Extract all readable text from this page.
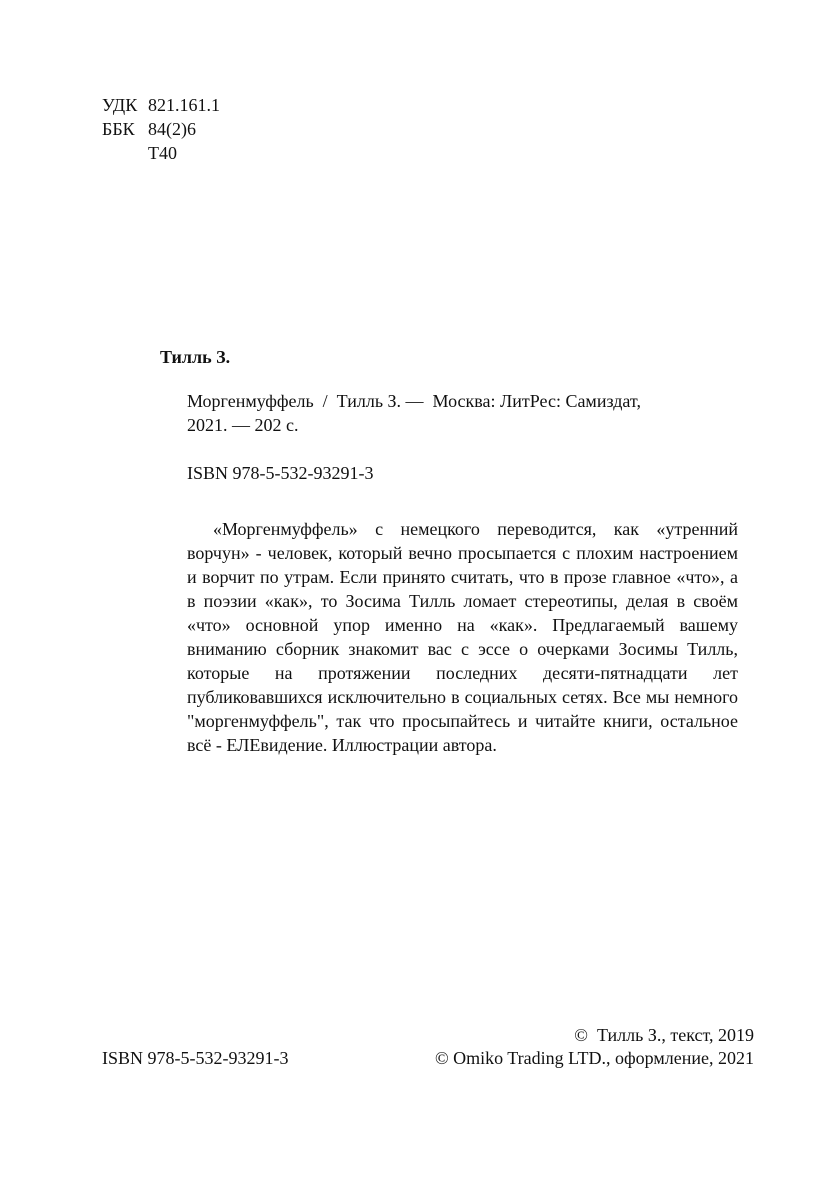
УДК 821.161.1
ББК 84(2)6
Т40
Тилль З.
Моргенмуффель  /  Тилль З. —  Москва: ЛитРес: Самиздат,
2021. — 202 с.
ISBN 978-5-532-93291-3

«Моргенмуффель» с немецкого переводится, как «утренний ворчун» - человек, который вечно просыпается с плохим настроением и ворчит по утрам. Если принято считать, что в прозе главное «что», а в поэзии «как», то Зосима Тилль ломает стереотипы, делая в своём «что» основной упор именно на «как». Предлагаемый вашему вниманию сборник знакомит вас с эссе о очерками Зосимы Тилль, которые на протяжении последних десяти-пятнадцати лет публиковавшихся исключительно в социальных сетях. Все мы немного "моргенмуффель", так что просыпайтесь и читайте книги, остальное всё - ЕЛЕвидение. Иллюстрации автора.

ISBN 978-5-532-93291-3
©  Тилль З., текст, 2019
© Omiko Trading LTD., оформление, 2021
